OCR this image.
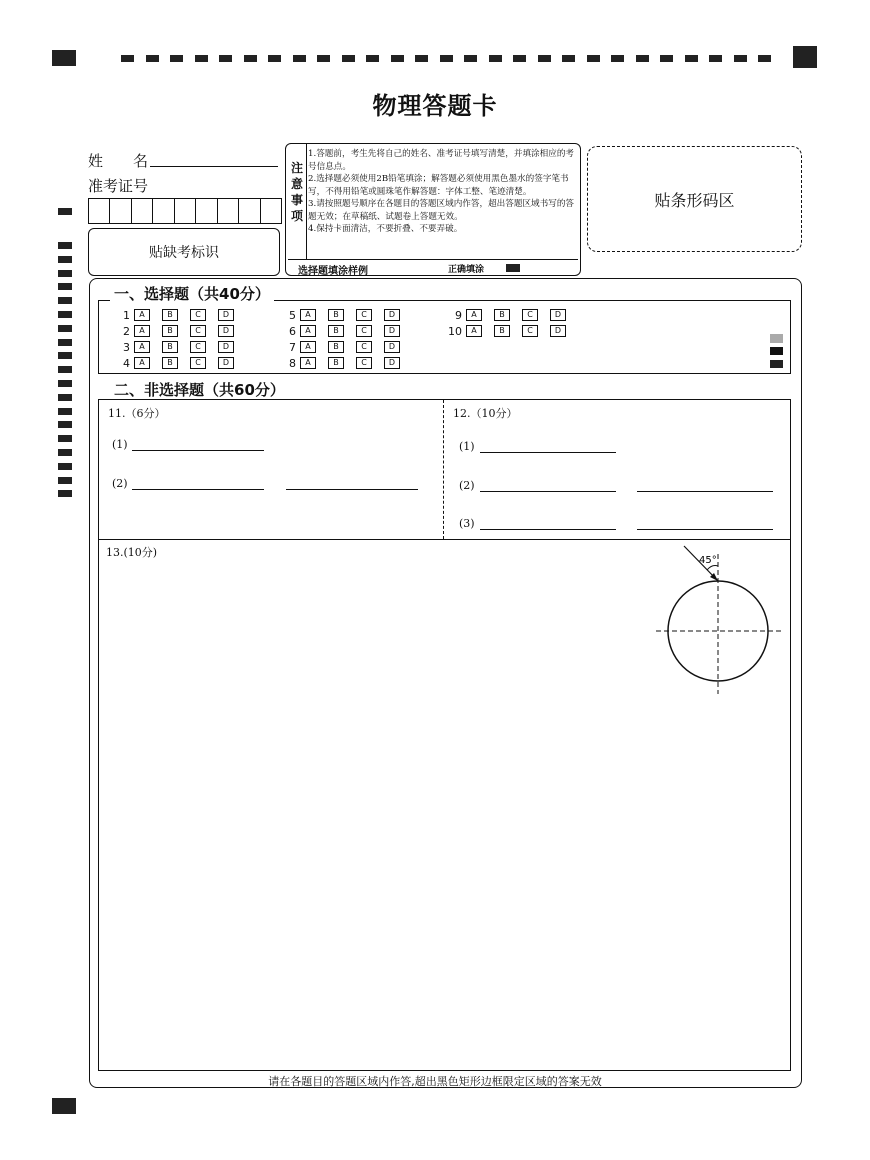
物理答题卡
姓　　名
准考证号
贴缺考标识
注
意
事
项
1.答题前，考生先将自己的姓名、准考证号填写清楚，并填涂相应的考号信息点。
2.选择题必须使用2B铅笔填涂；解答题必须使用黑色墨水的签字笔书写，不得用铅笔或圆珠笔作解答题：字体工整、笔迹清楚。
3.请按照题号顺序在各题目的答题区域内作答，超出答题区域书写的答题无效；在草稿纸、试题卷上答题无效。
4.保持卡面清洁，不要折叠、不要弄破。
选择题填涂样例	正确填涂
贴条形码区
一、选择题（共40分）
1	A	B	C	D
2	A	B	C	D
3	A	B	C	D
4	A	B	C	D
5	A	B	C	D
6	A	B	C	D
7	A	B	C	D
8	A	B	C	D
9	A	B	C	D
10	A	B	C	D
二、非选择题（共60分）
11.（6分）
(1)
(2)
12.（10分）
(1)
(2)
(3)
13.(10分)
45°
请在各题目的答题区域内作答,超出黑色矩形边框限定区域的答案无效
